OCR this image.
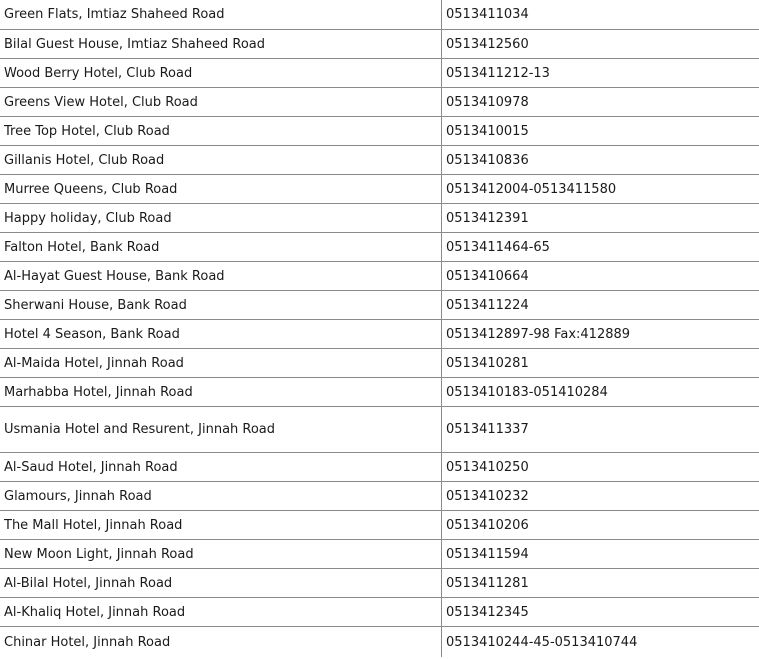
Green Flats, Imtiaz Shaheed Road	0513411034
Bilal Guest House, Imtiaz Shaheed Road	0513412560
Wood Berry Hotel, Club Road	0513411212-13
Greens View Hotel, Club Road	0513410978
Tree Top Hotel, Club Road	0513410015
Gillanis Hotel, Club Road	0513410836
Murree Queens, Club Road	0513412004-0513411580
Happy holiday, Club Road	0513412391
Falton Hotel, Bank Road	0513411464-65
Al-Hayat Guest House, Bank Road	0513410664
Sherwani House, Bank Road	0513411224
Hotel 4 Season, Bank Road	0513412897-98 Fax:412889
Al-Maida Hotel, Jinnah Road	0513410281
Marhabba Hotel, Jinnah Road	0513410183-051410284
Usmania Hotel and Resurent, Jinnah Road	0513411337
Al-Saud Hotel, Jinnah Road	0513410250
Glamours, Jinnah Road	0513410232
The Mall Hotel, Jinnah Road	0513410206
New Moon Light, Jinnah Road	0513411594
Al-Bilal Hotel, Jinnah Road	0513411281
Al-Khaliq Hotel, Jinnah Road	0513412345
Chinar Hotel, Jinnah Road	0513410244-45-0513410744
